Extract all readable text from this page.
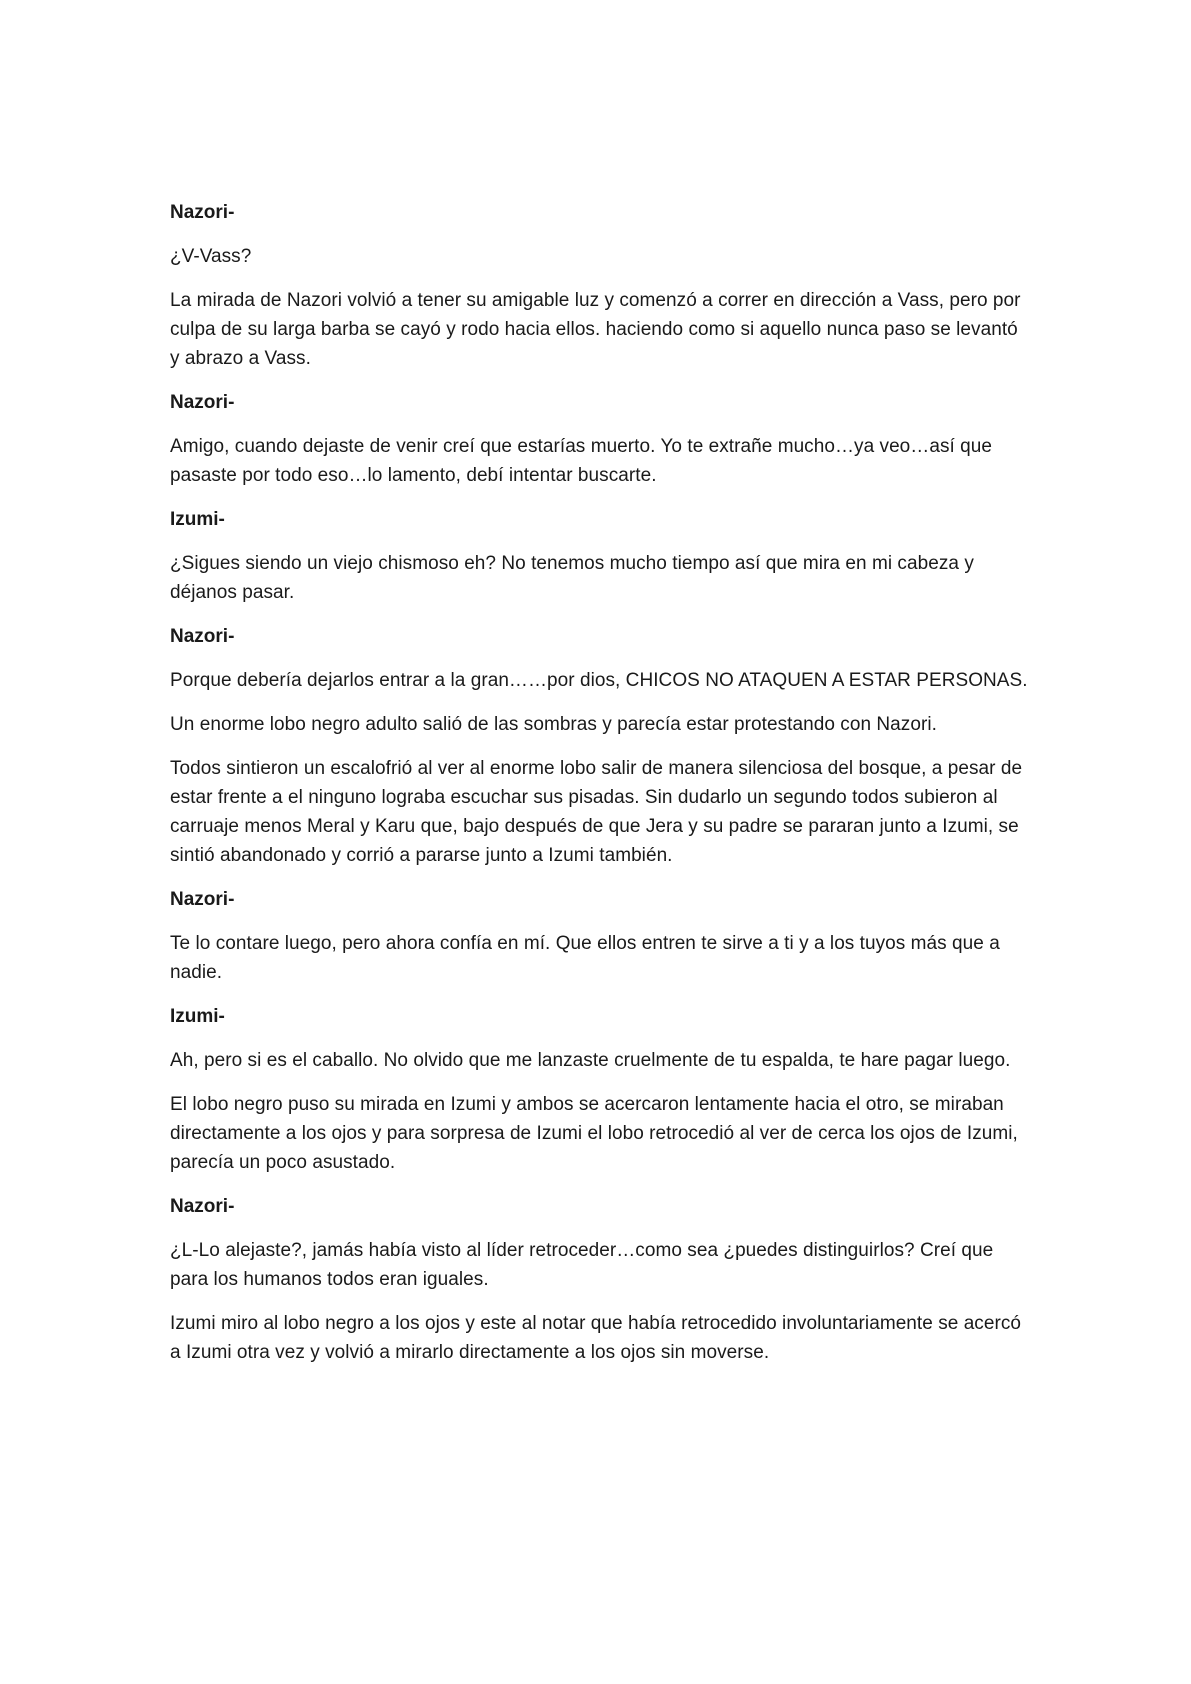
Nazori-

¿V-Vass?

La mirada de Nazori volvió a tener su amigable luz y comenzó a correr en dirección a Vass, pero por culpa de su larga barba se cayó y rodo hacia ellos. haciendo como si aquello nunca paso se levantó y abrazo a Vass.

Nazori-

Amigo, cuando dejaste de venir creí que estarías muerto. Yo te extrañe mucho…ya veo…así que pasaste por todo eso…lo lamento, debí intentar buscarte.

Izumi-

¿Sigues siendo un viejo chismoso eh? No tenemos mucho tiempo así que mira en mi cabeza y déjanos pasar.

Nazori-

Porque debería dejarlos entrar a la gran……por dios, CHICOS NO ATAQUEN A ESTAR PERSONAS.

Un enorme lobo negro adulto salió de las sombras y parecía estar protestando con Nazori.

Todos sintieron un escalofrió al ver al enorme lobo salir de manera silenciosa del bosque, a pesar de estar frente a el ninguno lograba escuchar sus pisadas. Sin dudarlo un segundo todos subieron al carruaje menos Meral y Karu que, bajo después de que Jera y su padre se pararan junto a Izumi, se sintió abandonado y corrió a pararse junto a Izumi también.

Nazori-

Te lo contare luego, pero ahora confía en mí. Que ellos entren te sirve a ti y a los tuyos más que a nadie.

Izumi-

Ah, pero si es el caballo. No olvido que me lanzaste cruelmente de tu espalda, te hare pagar luego.

El lobo negro puso su mirada en Izumi y ambos se acercaron lentamente hacia el otro, se miraban directamente a los ojos y para sorpresa de Izumi el lobo retrocedió al ver de cerca los ojos de Izumi, parecía un poco asustado.

Nazori-

¿L-Lo alejaste?, jamás había visto al líder retroceder…como sea ¿puedes distinguirlos? Creí que para los humanos todos eran iguales.

Izumi miro al lobo negro a los ojos y este al notar que había retrocedido involuntariamente se acercó a Izumi otra vez y volvió a mirarlo directamente a los ojos sin moverse.
